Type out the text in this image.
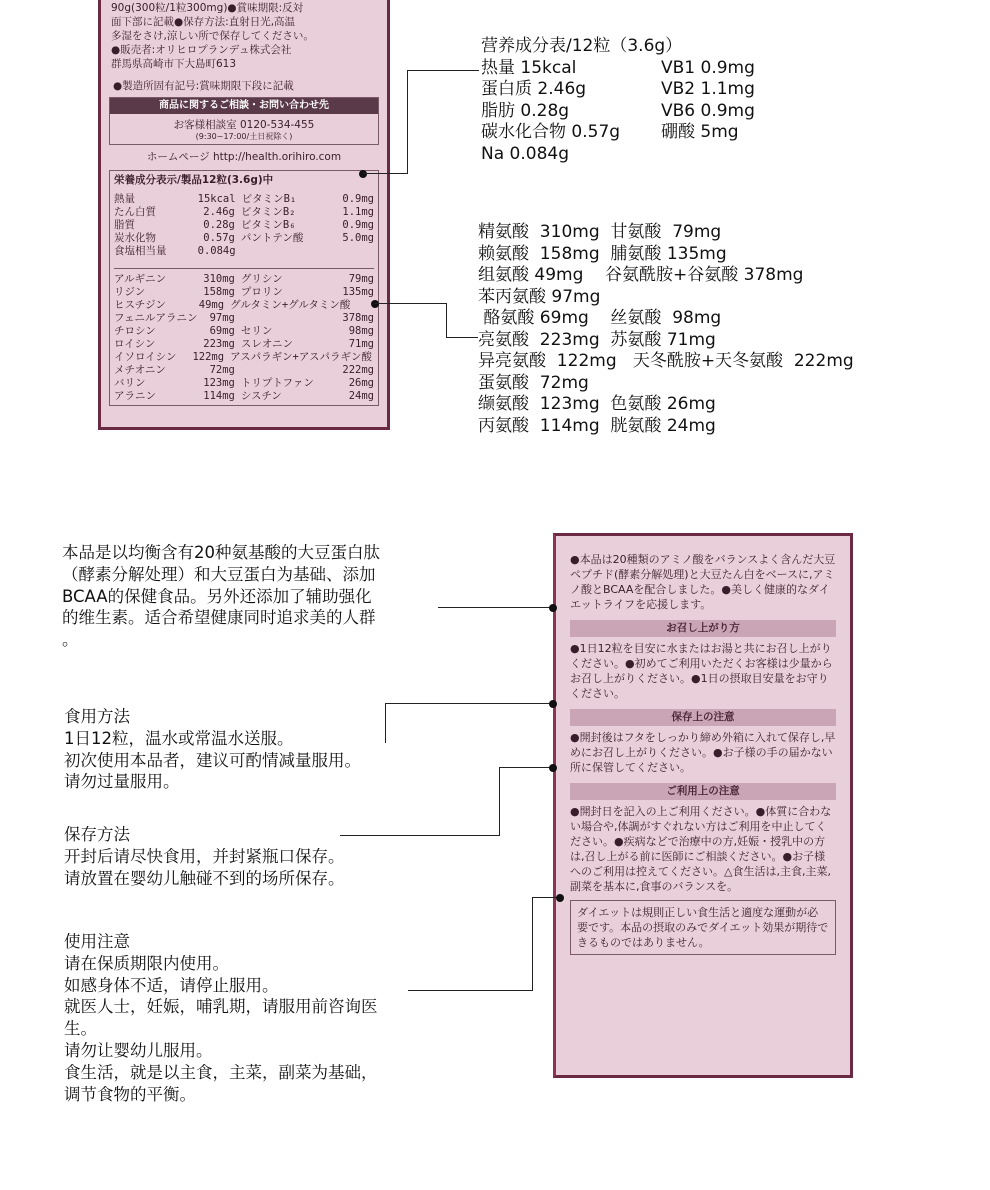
90g(300粒/1粒300mg)●賞味期限:反対
面下部に記載●保存方法:直射日光,高温
多湿をさけ,涼しい所で保存してください。
●販売者:オリヒロプランデュ株式会社
群馬県高崎市下大島町613
●製造所固有記号:賞味期限下段に記載
商品に関するご相談・お問い合わせ先
お客様相談室 0120-534-455
(9:30~17:00/土日祝除く)
ホームページ http://health.orihiro.com
栄養成分表示/製品12粒(3.6g)中
熱量	15kcal ビタミンB₁	0.9mg
たん白質	2.46g ビタミンB₂	1.1mg
脂質	0.28g ビタミンB₆	0.9mg
炭水化物	0.57g パントテン酸	5.0mg
食塩相当量	0.084g
アルギニン	310mg グリシン	79mg
リジン	158mg プロリン	135mg
ヒスチジン	49mg グルタミン+グルタミン酸
フェニルアラニン	97mg	378mg
チロシン	69mg セリン	98mg
ロイシン	223mg スレオニン	71mg
イソロイシン	122mg アスパラギン+アスパラギン酸
メチオニン	72mg	222mg
バリン	123mg トリプトファン	26mg
アラニン	114mg シスチン	24mg
营养成分表/12粒（3.6g）
热量 15kcal	VB1 0.9mg
蛋白质 2.46g	VB2 1.1mg
脂肪 0.28g	VB6 0.9mg
碳水化合物 0.57g	硼酸 5mg
Na 0.084g
精氨酸  310mg  甘氨酸  79mg
赖氨酸  158mg  脯氨酸 135mg
组氨酸 49mg    谷氨酰胺+谷氨酸 378mg
苯丙氨酸 97mg
酪氨酸 69mg    丝氨酸  98mg
亮氨酸  223mg  苏氨酸 71mg
异亮氨酸  122mg   天冬酰胺+天冬氨酸  222mg
蛋氨酸  72mg
缬氨酸  123mg  色氨酸 26mg
丙氨酸  114mg  胱氨酸 24mg
●本品は20種類のアミノ酸をバランスよく含んだ大豆ペプチド(酵素分解処理)と大豆たん白をベースに,アミノ酸とBCAAを配合しました。●美しく健康的なダイエットライフを応援します。
お召し上がり方
●1日12粒を目安に水またはお湯と共にお召し上がりください。●初めてご利用いただくお客様は少量からお召し上がりください。●1日の摂取目安量をお守りください。
保存上の注意
●開封後はフタをしっかり締め外箱に入れて保存し,早めにお召し上がりください。●お子様の手の届かない所に保管してください。
ご利用上の注意
●開封日を記入の上ご利用ください。●体質に合わない場合や,体調がすぐれない方はご利用を中止してください。●疾病などで治療中の方,妊娠・授乳中の方は,召し上がる前に医師にご相談ください。●お子様へのご利用は控えてください。△食生活は,主食,主菜,副菜を基本に,食事のバランスを。
ダイエットは規則正しい食生活と適度な運動が必要です。本品の摂取のみでダイエット効果が期待できるものではありません。
本品是以均衡含有20种氨基酸的大豆蛋白肽
（酵素分解处理）和大豆蛋白为基础、添加
BCAA的保健食品。另外还添加了辅助强化
的维生素。适合希望健康同时追求美的人群
。
食用方法
1日12粒，温水或常温水送服。
初次使用本品者，建议可酌情减量服用。
请勿过量服用。
保存方法
开封后请尽快食用，并封紧瓶口保存。
请放置在婴幼儿触碰不到的场所保存。
使用注意
请在保质期限内使用。
如感身体不适，请停止服用。
就医人士，妊娠，哺乳期，请服用前咨询医
生。
请勿让婴幼儿服用。
食生活，就是以主食，主菜，副菜为基础，
调节食物的平衡。
